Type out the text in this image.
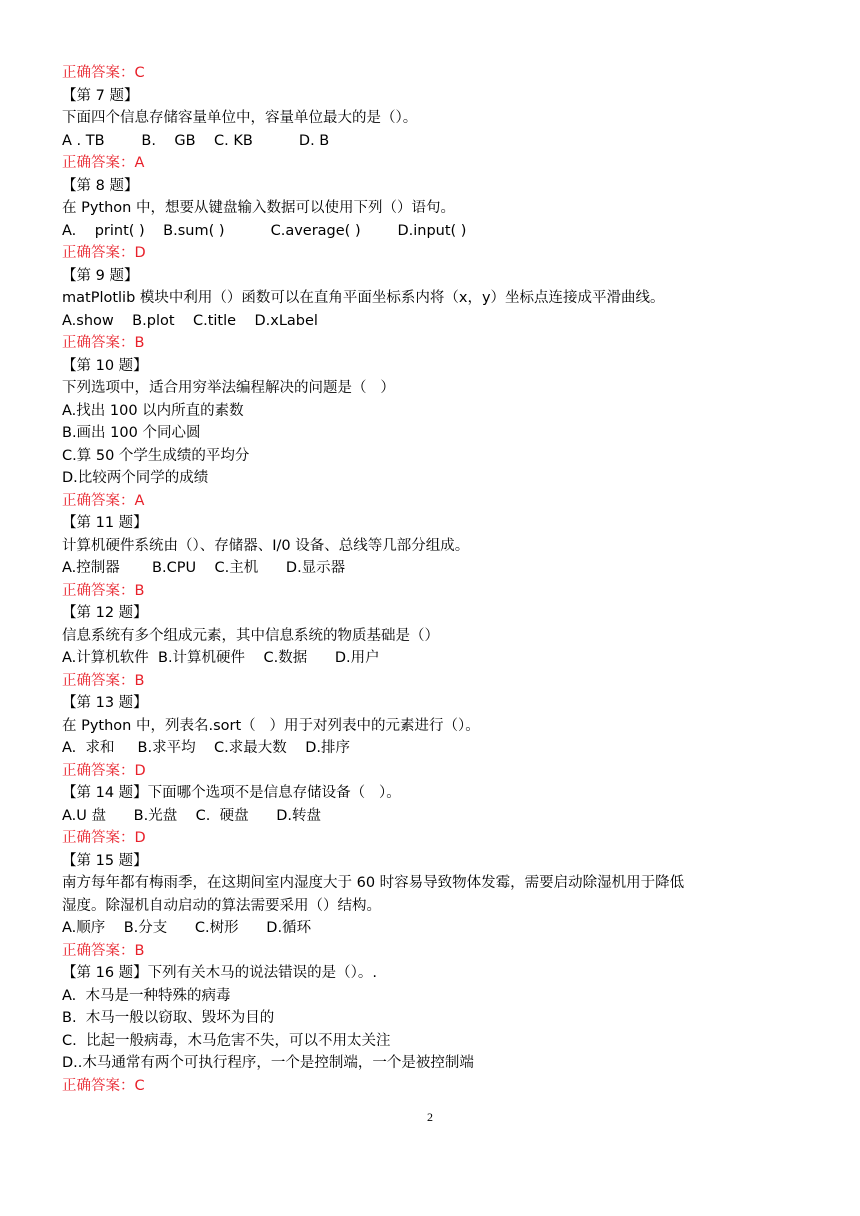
正确答案：C
【第 7 题】
下面四个信息存储容量单位中，容量单位最大的是（）。
A . TB        B.    GB    C. KB          D. B
正确答案：A
【第 8 题】
在 Python 中，想要从键盘输入数据可以使用下列（）语句。
A.    print( )    B.sum( )          C.average( )        D.input( )
正确答案：D
【第 9 题】
matPlotlib 模块中利用（）函数可以在直角平面坐标系内将（x，y）坐标点连接成平滑曲线。
A.show    B.plot    C.title    D.xLabel
正确答案：B
【第 10 题】
下列选项中，适合用穷举法编程解决的问题是（   ）
A.找出 100 以内所直的素数
B.画出 100 个同心圆
C.算 50 个学生成绩的平均分
D.比较两个同学的成绩
正确答案：A
【第 11 题】
计算机硬件系统由（）、存储器、I/0 设备、总线等几部分组成。
A.控制器       B.CPU    C.主机      D.显示器
正确答案：B
【第 12 题】
信息系统有多个组成元素，其中信息系统的物质基础是（）
A.计算机软件  B.计算机硬件    C.数据      D.用户
正确答案：B
【第 13 题】
在 Python 中，列表名.sort（   ）用于对列表中的元素进行（）。
A.  求和     B.求平均    C.求最大数    D.排序
正确答案：D
【第 14 题】下面哪个选项不是信息存储设备（   ）。
A.U 盘      B.光盘    C.  硬盘      D.转盘
正确答案：D
【第 15 题】
南方每年都有梅雨季，在这期间室内湿度大于 60 时容易导致物体发霉，需要启动除湿机用于降低
湿度。除湿机自动启动的算法需要采用（）结构。
A.顺序    B.分支      C.树形      D.循环
正确答案：B
【第 16 题】下列有关木马的说法错误的是（）。.
A.  木马是一种特殊的病毒
B.  木马一般以窃取、毁坏为目的
C.  比起一般病毒，木马危害不失，可以不用太关注
D..木马通常有两个可执行程序，一个是控制端，一个是被控制端
正确答案：C
2
